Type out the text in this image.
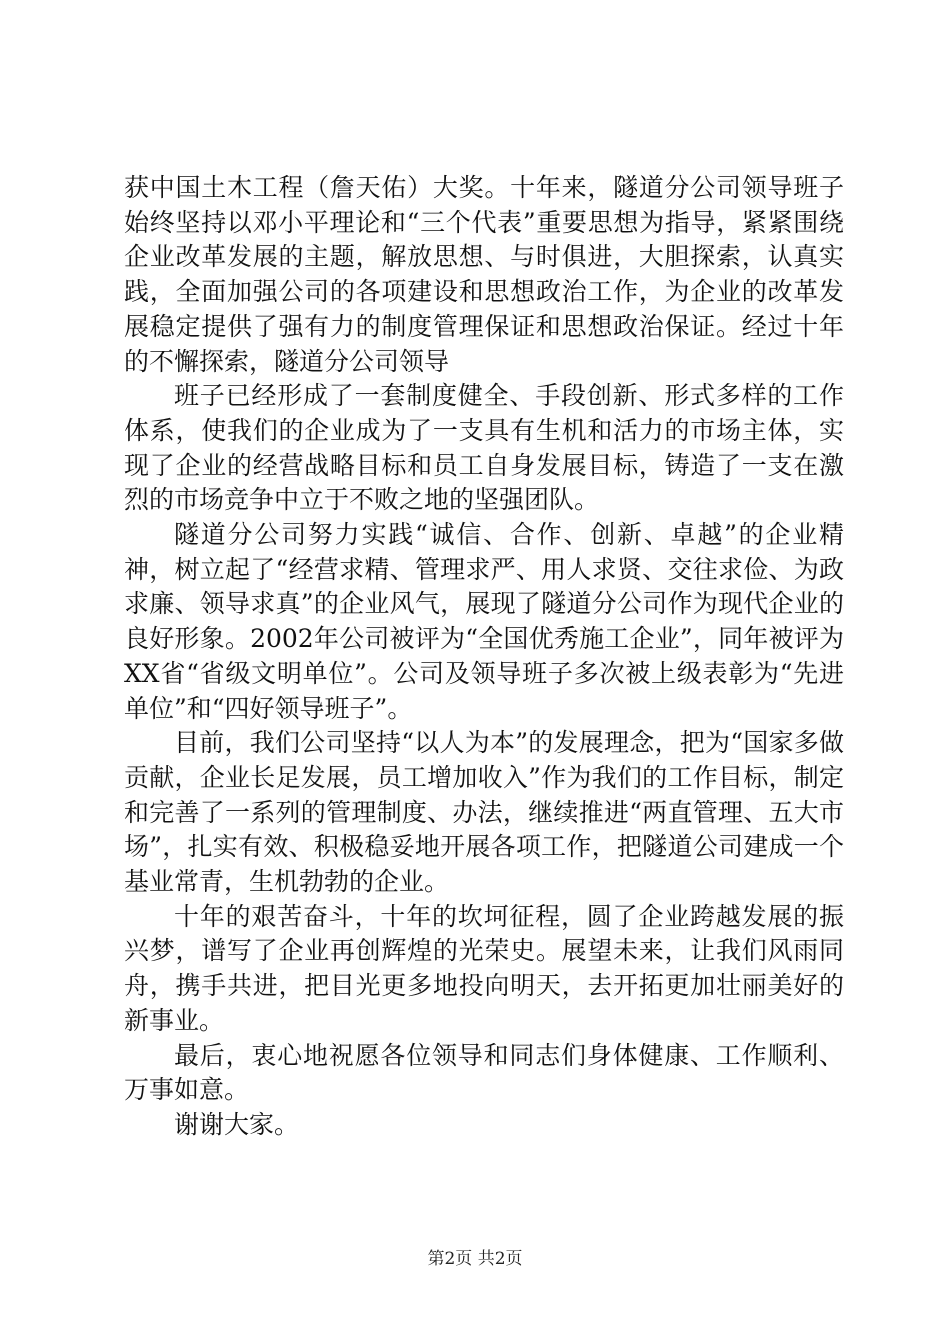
获中国土木工程（詹天佑）大奖。十年来，隧道分公司领导班子始终坚持以邓小平理论和“三个代表”重要思想为指导，紧紧围绕企业改革发展的主题，解放思想、与时俱进，大胆探索，认真实践，全面加强公司的各项建设和思想政治工作，为企业的改革发展稳定提供了强有力的制度管理保证和思想政治保证。经过十年的不懈探索，隧道分公司领导

班子已经形成了一套制度健全、手段创新、形式多样的工作体系，使我们的企业成为了一支具有生机和活力的市场主体，实现了企业的经营战略目标和员工自身发展目标，铸造了一支在激烈的市场竞争中立于不败之地的坚强团队。

隧道分公司努力实践“诚信、合作、创新、卓越”的企业精神，树立起了“经营求精、管理求严、用人求贤、交往求俭、为政求廉、领导求真”的企业风气，展现了隧道分公司作为现代企业的良好形象。2002年公司被评为“全国优秀施工企业”，同年被评为XX省“省级文明单位”。公司及领导班子多次被上级表彰为“先进单位”和“四好领导班子”。

目前，我们公司坚持“以人为本”的发展理念，把为“国家多做贡献，企业长足发展，员工增加收入”作为我们的工作目标，制定和完善了一系列的管理制度、办法，继续推进“两直管理、五大市场”，扎实有效、积极稳妥地开展各项工作，把隧道公司建成一个基业常青，生机勃勃的企业。

十年的艰苦奋斗，十年的坎坷征程，圆了企业跨越发展的振兴梦，谱写了企业再创辉煌的光荣史。展望未来，让我们风雨同舟，携手共进，把目光更多地投向明天，去开拓更加壮丽美好的新事业。

最后，衷心地祝愿各位领导和同志们身体健康、工作顺利、万事如意。

谢谢大家。

第2页 共2页
